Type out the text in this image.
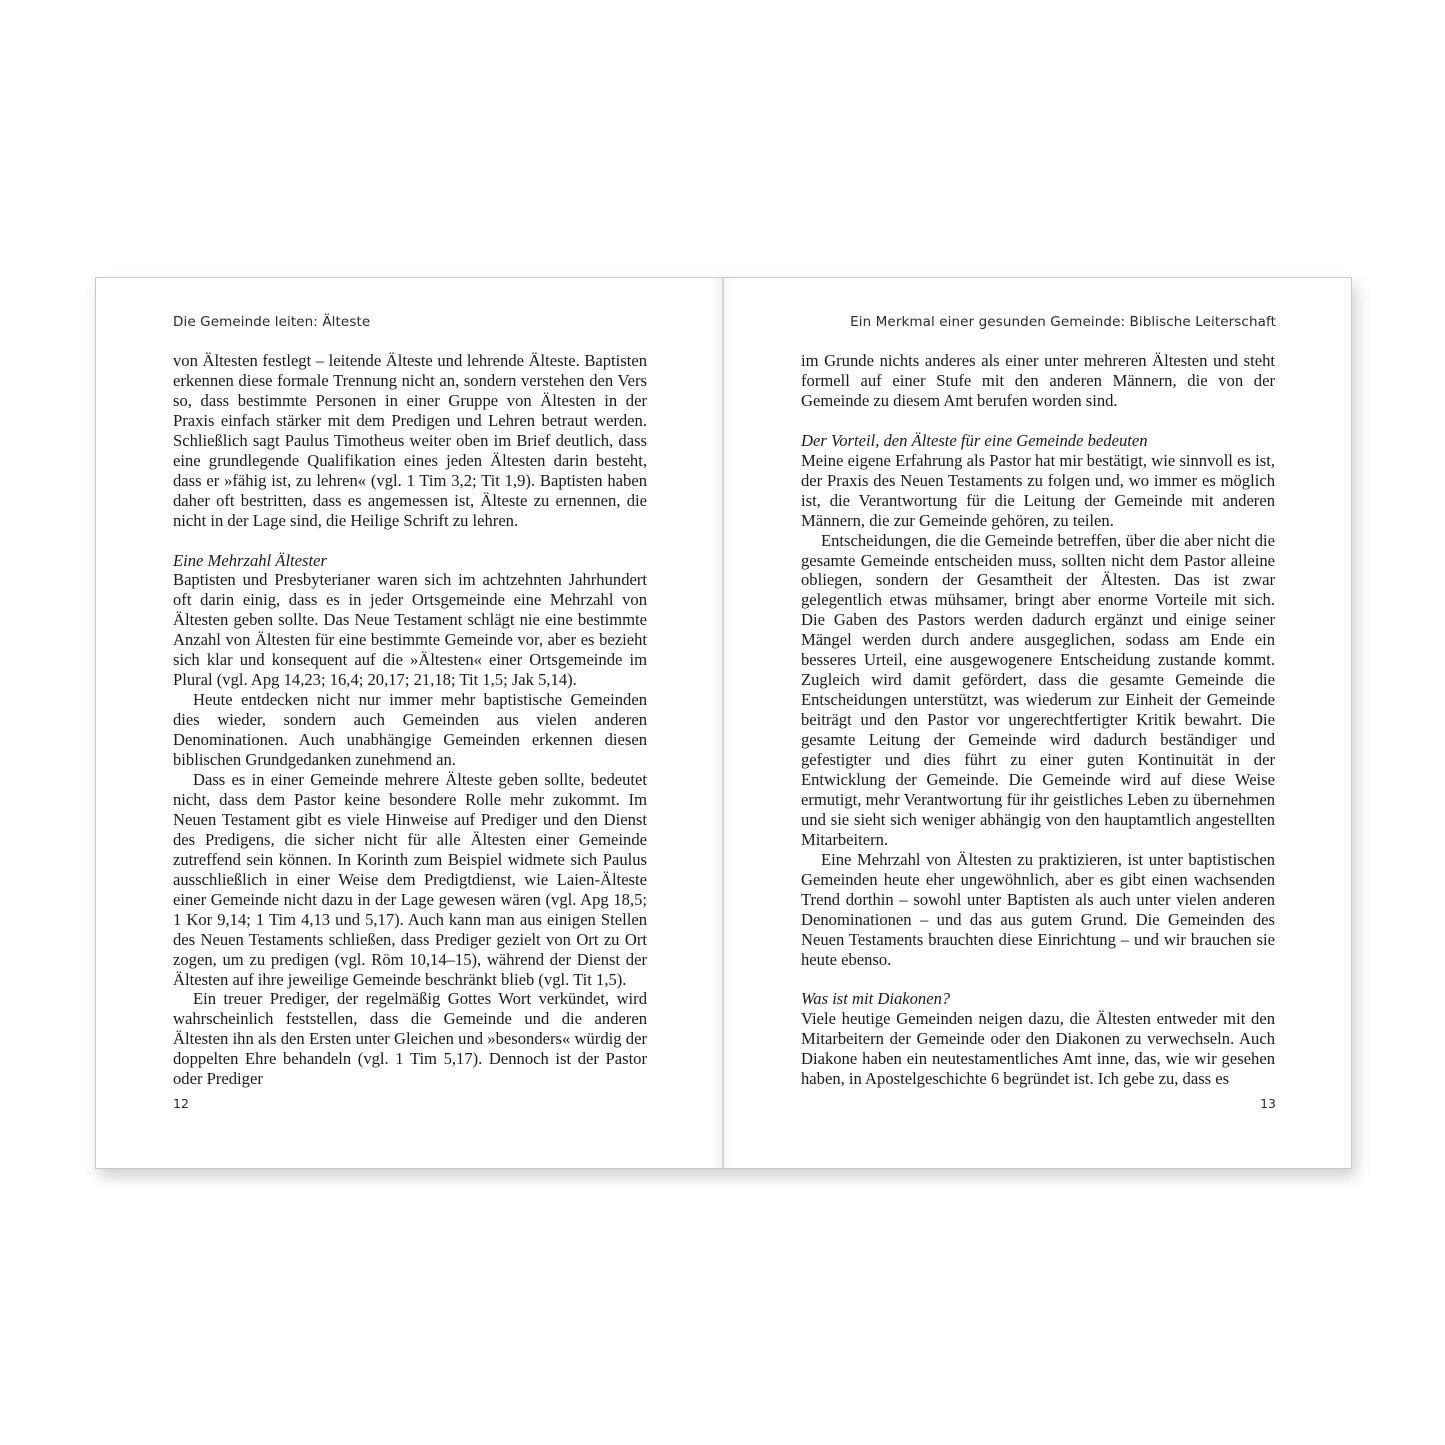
Die Gemeinde leiten: Älteste

von Ältesten festlegt – leitende Älteste und lehrende Älteste. Baptisten erkennen diese formale Trennung nicht an, sondern verstehen den Vers so, dass bestimmte Personen in einer Gruppe von Ältesten in der Praxis einfach stärker mit dem Predigen und Lehren betraut werden. Schließlich sagt Paulus Timotheus weiter oben im Brief deutlich, dass eine grundlegende Qualifikation eines jeden Ältesten darin besteht, dass er »fähig ist, zu lehren« (vgl. 1 Tim 3,2; Tit 1,9). Baptisten haben daher oft bestritten, dass es angemessen ist, Älteste zu ernennen, die nicht in der Lage sind, die Heilige Schrift zu lehren.

Eine Mehrzahl Ältester

Baptisten und Presbyterianer waren sich im achtzehnten Jahrhundert oft darin einig, dass es in jeder Ortsgemeinde eine Mehrzahl von Ältesten geben sollte. Das Neue Testament schlägt nie eine bestimmte Anzahl von Ältesten für eine bestimmte Gemeinde vor, aber es bezieht sich klar und konsequent auf die »Ältesten« einer Ortsgemeinde im Plural (vgl. Apg 14,23; 16,4; 20,17; 21,18; Tit 1,5; Jak 5,14).

Heute entdecken nicht nur immer mehr baptistische Gemeinden dies wieder, sondern auch Gemeinden aus vielen anderen Denominationen. Auch unabhängige Gemeinden erkennen diesen biblischen Grundgedanken zunehmend an.

Dass es in einer Gemeinde mehrere Älteste geben sollte, bedeutet nicht, dass dem Pastor keine besondere Rolle mehr zukommt. Im Neuen Testament gibt es viele Hinweise auf Prediger und den Dienst des Predigens, die sicher nicht für alle Ältesten einer Gemeinde zutreffend sein können. In Korinth zum Beispiel widmete sich Paulus ausschließlich in einer Weise dem Predigtdienst, wie Laien-Älteste einer Gemeinde nicht dazu in der Lage gewesen wären (vgl. Apg 18,5; 1 Kor 9,14; 1 Tim 4,13 und 5,17). Auch kann man aus einigen Stellen des Neuen Testaments schließen, dass Prediger gezielt von Ort zu Ort zogen, um zu predigen (vgl. Röm 10,14–15), während der Dienst der Ältesten auf ihre jeweilige Gemeinde beschränkt blieb (vgl. Tit 1,5).

Ein treuer Prediger, der regelmäßig Gottes Wort verkündet, wird wahrscheinlich feststellen, dass die Gemeinde und die anderen Ältesten ihn als den Ersten unter Gleichen und »besonders« würdig der doppelten Ehre behandeln (vgl. 1 Tim 5,17). Dennoch ist der Pastor oder Prediger

12
Ein Merkmal einer gesunden Gemeinde: Biblische Leiterschaft

im Grunde nichts anderes als einer unter mehreren Ältesten und steht formell auf einer Stufe mit den anderen Männern, die von der Gemeinde zu diesem Amt berufen worden sind.

Der Vorteil, den Älteste für eine Gemeinde bedeuten

Meine eigene Erfahrung als Pastor hat mir bestätigt, wie sinnvoll es ist, der Praxis des Neuen Testaments zu folgen und, wo immer es möglich ist, die Verantwortung für die Leitung der Gemeinde mit anderen Männern, die zur Gemeinde gehören, zu teilen.

Entscheidungen, die die Gemeinde betreffen, über die aber nicht die gesamte Gemeinde entscheiden muss, sollten nicht dem Pastor alleine obliegen, sondern der Gesamtheit der Ältesten. Das ist zwar gelegentlich etwas mühsamer, bringt aber enorme Vorteile mit sich. Die Gaben des Pastors werden dadurch ergänzt und einige seiner Mängel werden durch andere ausgeglichen, sodass am Ende ein besseres Urteil, eine ausgewogenere Entscheidung zustande kommt. Zugleich wird damit gefördert, dass die gesamte Gemeinde die Entscheidungen unterstützt, was wiederum zur Einheit der Gemeinde beiträgt und den Pastor vor ungerechtfertigter Kritik bewahrt. Die gesamte Leitung der Gemeinde wird dadurch beständiger und gefestigter und dies führt zu einer guten Kontinuität in der Entwicklung der Gemeinde. Die Gemeinde wird auf diese Weise ermutigt, mehr Verantwortung für ihr geistliches Leben zu übernehmen und sie sieht sich weniger abhängig von den hauptamtlich angestellten Mitarbeitern.

Eine Mehrzahl von Ältesten zu praktizieren, ist unter baptistischen Gemeinden heute eher ungewöhnlich, aber es gibt einen wachsenden Trend dorthin – sowohl unter Baptisten als auch unter vielen anderen Denominationen – und das aus gutem Grund. Die Gemeinden des Neuen Testaments brauchten diese Einrichtung – und wir brauchen sie heute ebenso.

Was ist mit Diakonen?

Viele heutige Gemeinden neigen dazu, die Ältesten entweder mit den Mitarbeitern der Gemeinde oder den Diakonen zu verwechseln. Auch Diakone haben ein neutestamentliches Amt inne, das, wie wir gesehen haben, in Apostelgeschichte 6 begründet ist. Ich gebe zu, dass es

13
